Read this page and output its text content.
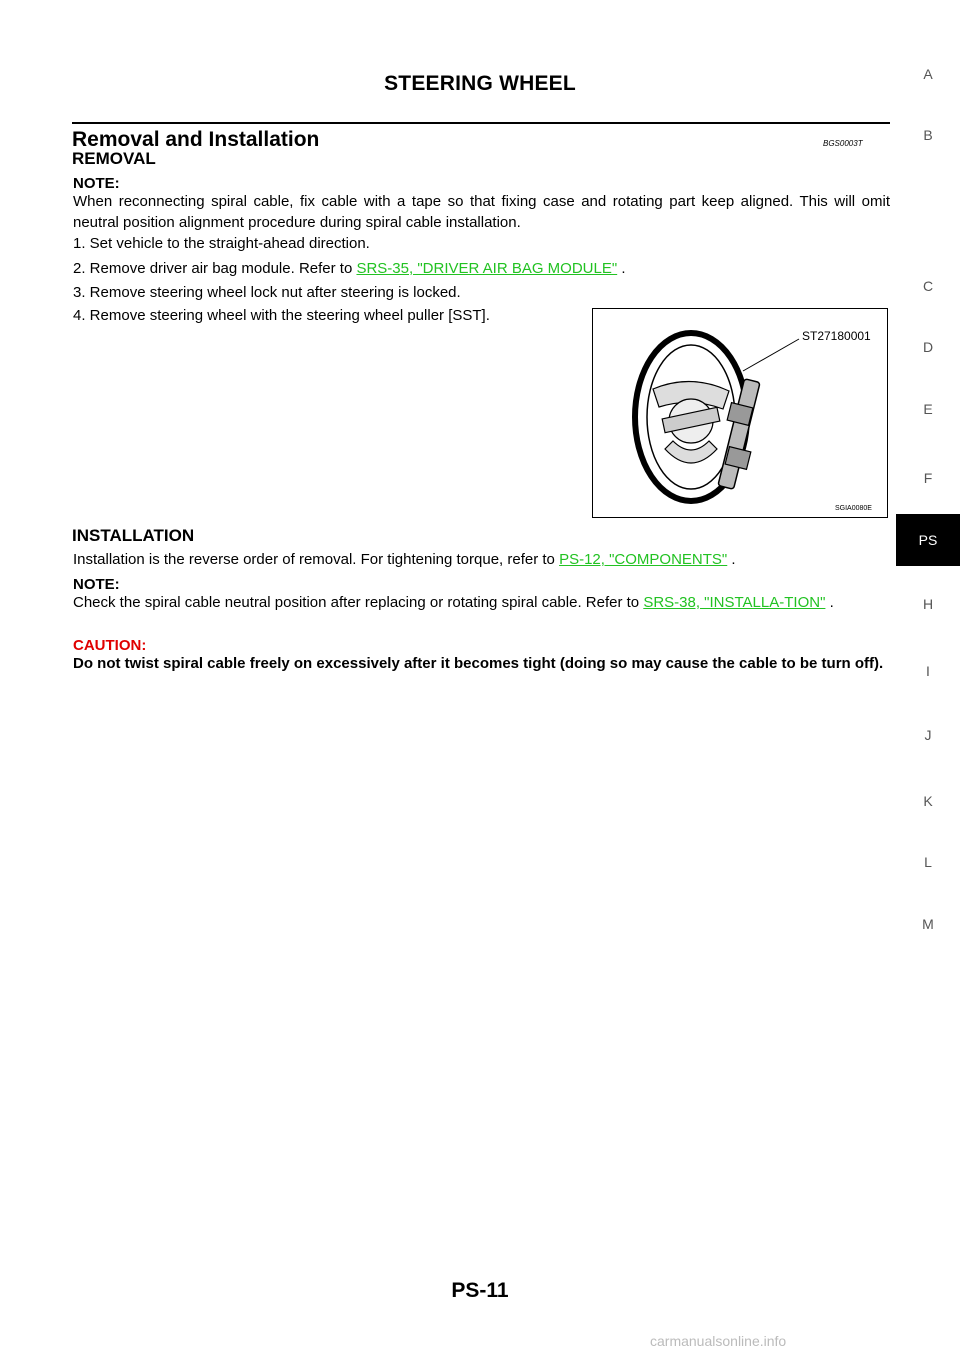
STEERING WHEEL
Removal and Installation	BGS0003T
REMOVAL
NOTE:
When reconnecting spiral cable, fix cable with a tape so that fixing case and rotating part keep aligned. This will omit neutral position alignment procedure during spiral cable installation.
1. Set vehicle to the straight-ahead direction.
2. Remove driver air bag module. Refer to SRS-35, "DRIVER AIR BAG MODULE" .
3. Remove steering wheel lock nut after steering is locked.
4. Remove steering wheel with the steering wheel puller [SST].
ST27180001
SGIA0080E
INSTALLATION
Installation is the reverse order of removal. For tightening torque, refer to PS-12, "COMPONENTS" .
NOTE:
Check the spiral cable neutral position after replacing or rotating spiral cable. Refer to SRS-38, "INSTALLA-TION" .
CAUTION:
Do not twist spiral cable freely on excessively after it becomes tight (doing so may cause the cable to be turn off).
A
B
C
D
E
F
PS
H
I
J
K
L
M
PS-11
carmanualsonline.info
